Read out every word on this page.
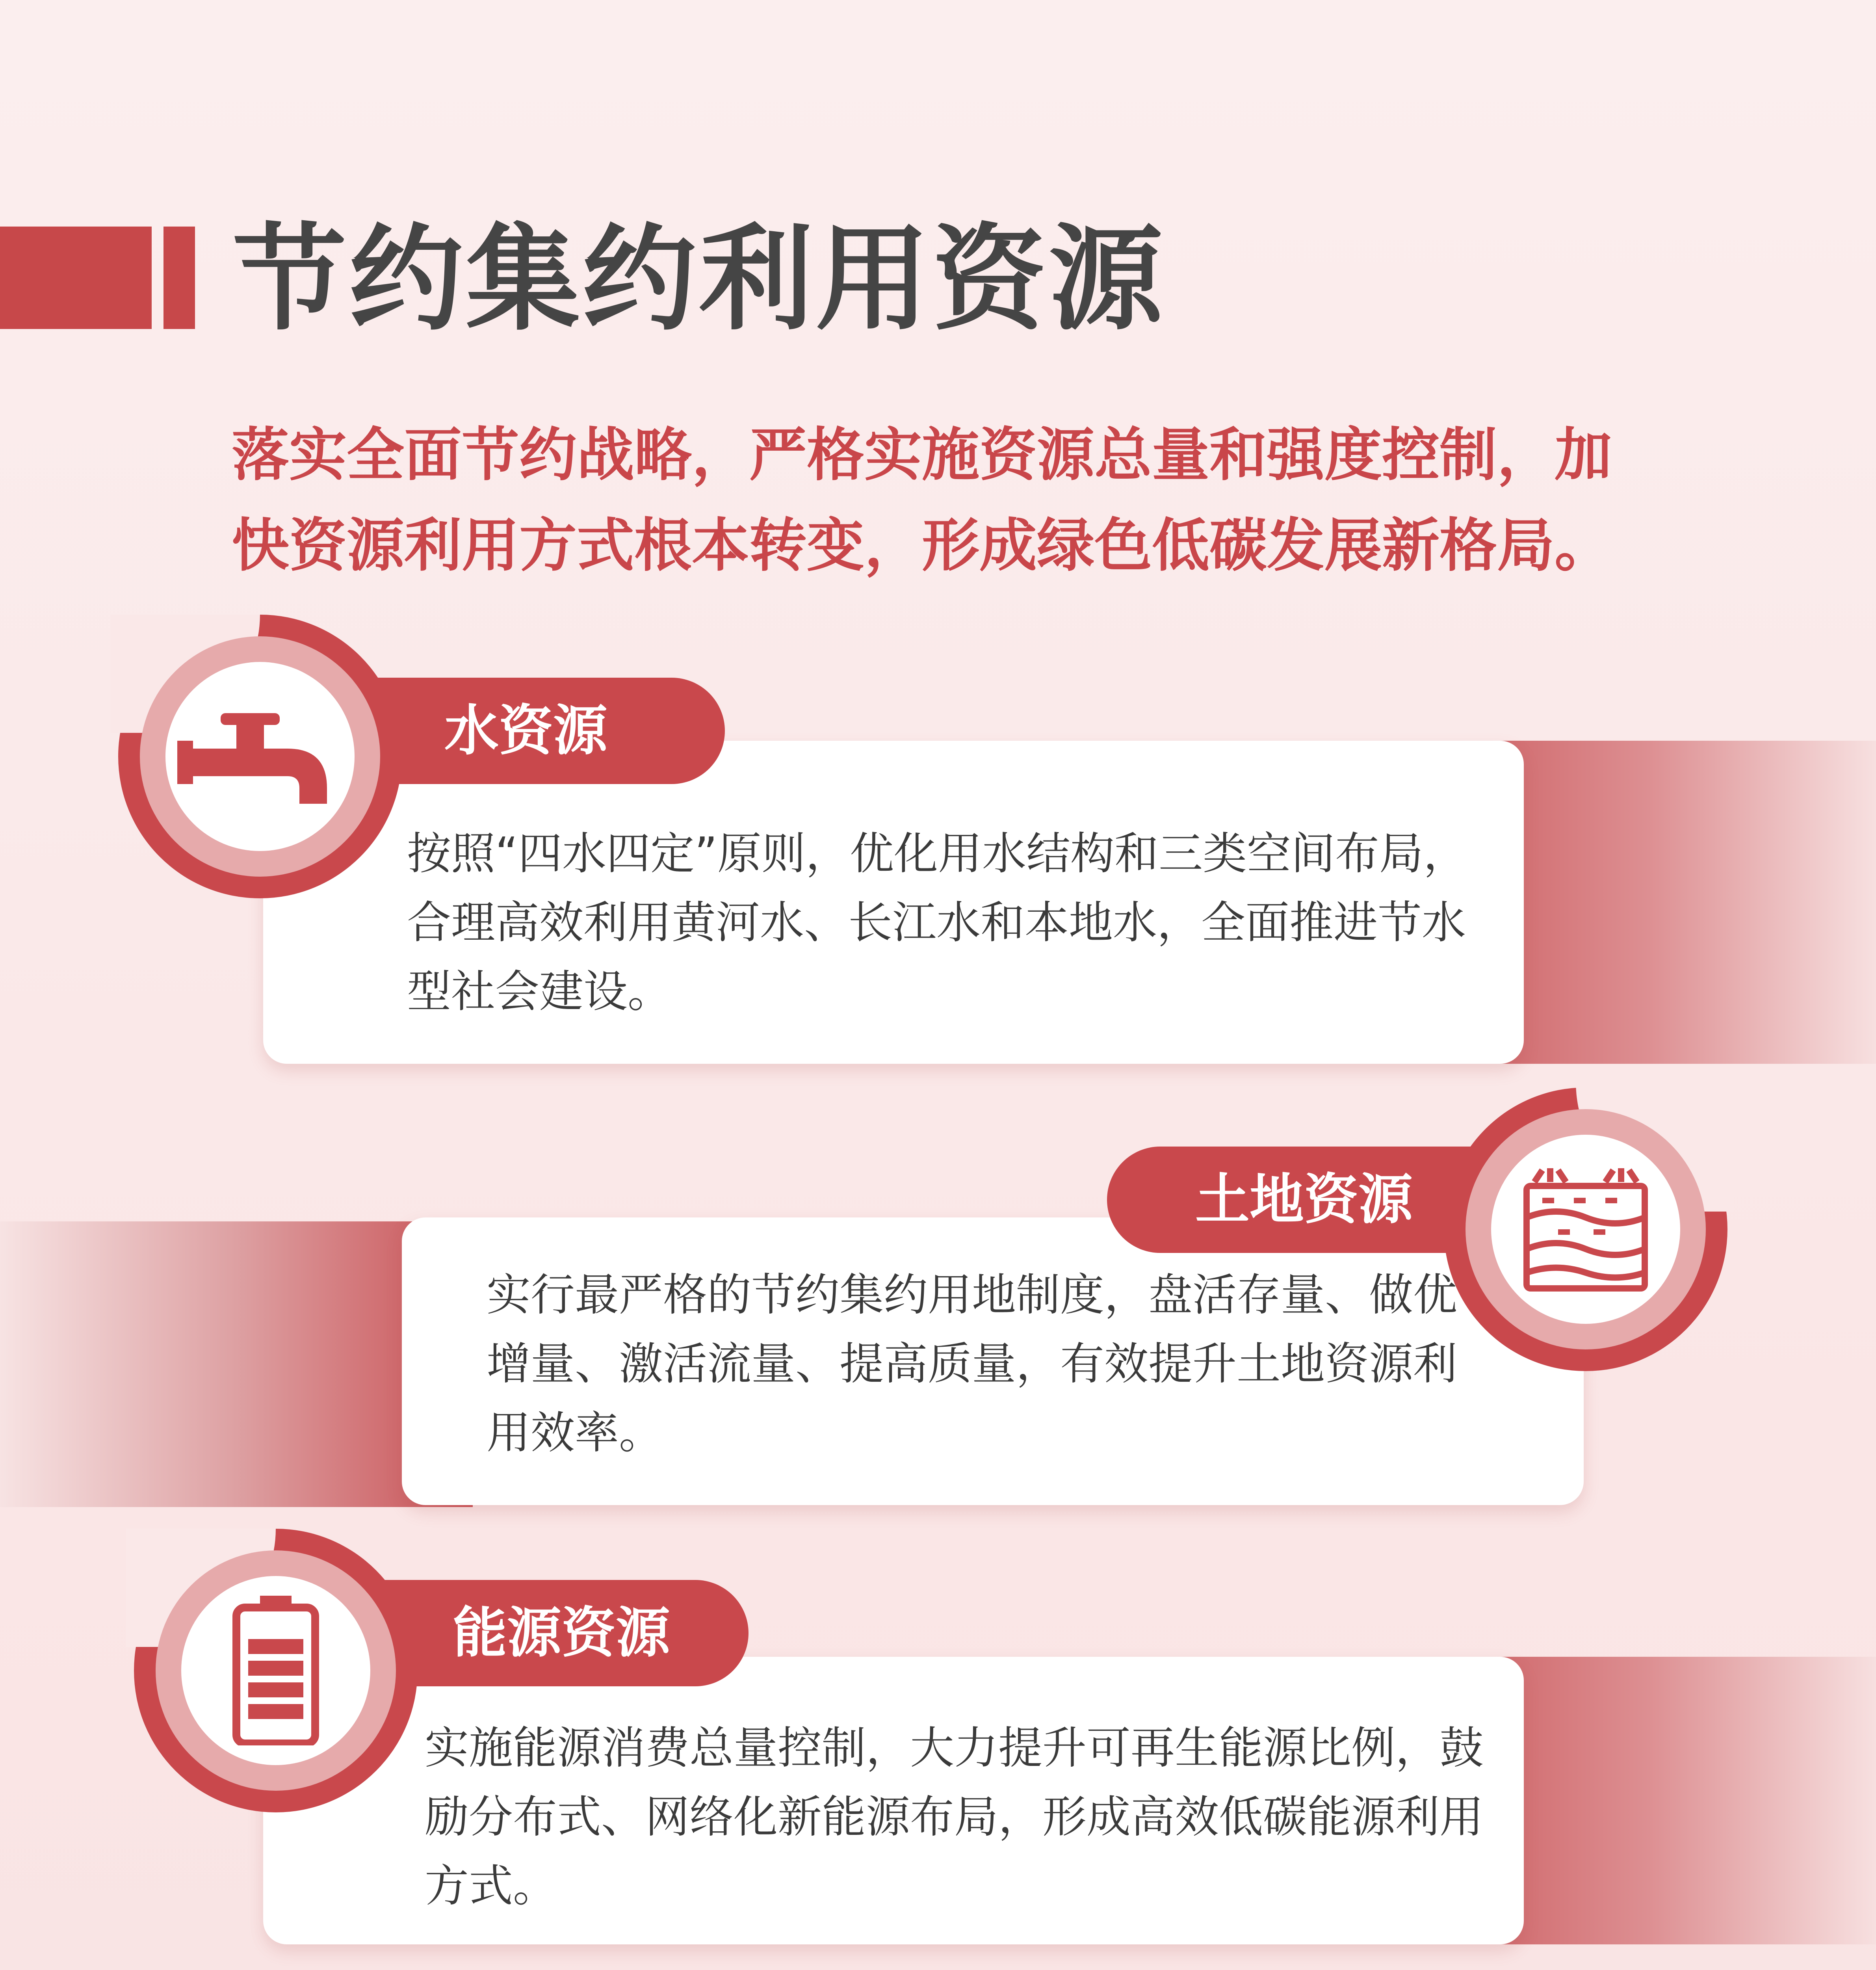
节约集约利用资源
落实全面节约战略，严格实施资源总量和强度控制，加快资源利用方式根本转变，形成绿色低碳发展新格局。
按照“四水四定”原则，优化用水结构和三类空间布局，合理高效利用黄河水、长江水和本地水，全面推进节水型社会建设。
水资源
实行最严格的节约集约用地制度，盘活存量、做优增量、激活流量、提高质量，有效提升土地资源利用效率。
土地资源
实施能源消费总量控制，大力提升可再生能源比例，鼓励分布式、网络化新能源布局，形成高效低碳能源利用方式。
能源资源
